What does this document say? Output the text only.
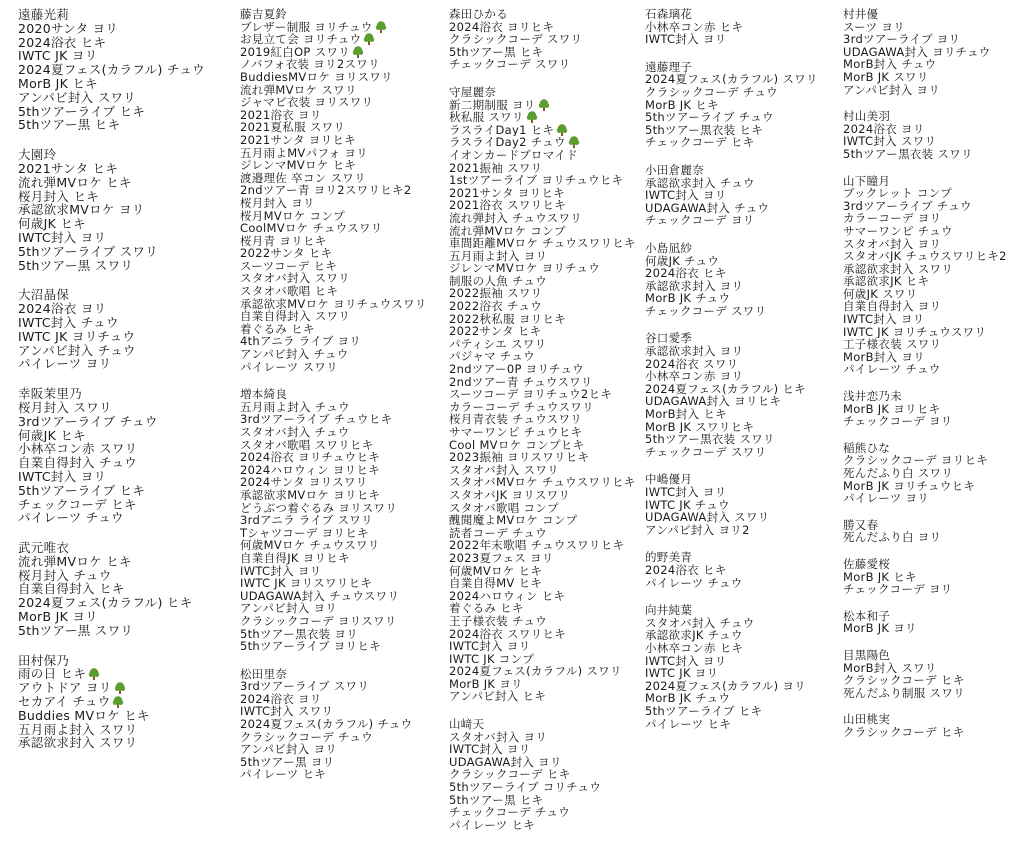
遠藤光莉
2020サンタ ヨリ
2024浴衣 ヒキ
IWTC JK ヨリ
2024夏フェス(カラフル) チュウ
MorB JK ヒキ
アンパビ封入 スワリ
5thツアーライブ ヒキ
5thツアー黒 ヒキ
大園玲
2021サンタ ヒキ
流れ弾MVロケ ヒキ
桜月封入 ヒキ
承認欲求MVロケ ヨリ
何歳JK ヒキ
IWTC封入 ヨリ
5thツアーライブ スワリ
5thツアー黒 スワリ
大沼晶保
2024浴衣 ヨリ
IWTC封入 チュウ
IWTC JK ヨリチュウ
アンパビ封入 チュウ
パイレーツ ヨリ
幸阪茉里乃
桜月封入 スワリ
3rdツアーライブ チュウ
何歳JK ヒキ
小林卒コン赤 スワリ
自業自得封入 チュウ
IWTC封入 ヨリ
5thツアーライブ ヒキ
チェックコーデ ヒキ
パイレーツ チュウ
武元唯衣
流れ弾MVロケ ヒキ
桜月封入 チュウ
自業自得封入 ヒキ
2024夏フェス(カラフル) ヒキ
MorB JK ヨリ
5thツアー黒 スワリ
田村保乃
雨の日 ヒキ
アウトドア ヨリ
セカアイ チュウ
Buddies MVロケ ヒキ
五月雨よ封入 スワリ
承認欲求封入 スワリ
藤吉夏鈴
ブレザー制服 ヨリチュウ
お見立て会 ヨリチュウ
2019紅白OP スワリ
ノバフォ衣装 ヨリ2スワリ
BuddiesMVロケ ヨリスワリ
流れ弾MVロケ スワリ
ジャマビ衣装 ヨリスワリ
2021浴衣 ヨリ
2021夏私服 スワリ
2021サンタ ヨリヒキ
五月雨よMVパフォ ヨリ
ジレンマMVロケ ヒキ
渡邉理佐 卒コン スワリ
2ndツアー青 ヨリ2スワリヒキ2
桜月封入 ヨリ
桜月MVロケ コンプ
CoolMVロケ チュウスワリ
桜月青 ヨリヒキ
2022サンタ ヒキ
スーツコーデ ヒキ
スタオバ封入 スワリ
スタオバ歌唱 ヒキ
承認欲求MVロケ ヨリチュウスワリ
自業自得封入 スワリ
着ぐるみ ヒキ
4thアニラ ライブ ヨリ
アンパビ封入 チュウ
パイレーツ スワリ
増本綺良
五月雨よ封入 チュウ
3rdツアーライブ チュウヒキ
スタオバ封入 チュウ
スタオバ歌唱 スワリヒキ
2024浴衣 ヨリチュウヒキ
2024ハロウィン ヨリヒキ
2024サンタ ヨリスワリ
承認欲求MVロケ ヨリヒキ
どうぶつ着ぐるみ ヨリスワリ
3rdアニラ ライブ スワリ
Tシャツコーデ ヨリヒキ
何歳MVロケ チュウスワリ
自業自得JK ヨリヒキ
IWTC封入 ヨリ
IWTC JK ヨリスワリヒキ
UDAGAWA封入 チュウスワリ
アンパビ封入 ヨリ
クラシックコーデ ヨリスワリ
5thツアー黒衣装 ヨリ
5thツアーライブ ヨリヒキ
松田里奈
3rdツアーライブ スワリ
2024浴衣 ヨリ
IWTC封入 スワリ
2024夏フェス(カラフル) チュウ
クラシックコーデ チュウ
アンパビ封入 ヨリ
5thツアー黒 ヨリ
パイレーツ ヒキ
森田ひかる
2024浴衣 ヨリヒキ
クラシックコーデ スワリ
5thツアー黒 ヒキ
チェックコーデ スワリ
守屋麗奈
新二期制服 ヨリ
秋私服 スワリ
ラスライDay1 ヒキ
ラスライDay2 チュウ
イオンカードブロマイド
2021振袖 スワリ
1stツアーライブ ヨリチュウヒキ
2021サンタ ヨリヒキ
2021浴衣 スワリヒキ
流れ弾封入 チュウスワリ
流れ弾MVロケ コンプ
車間距離MVロケ チュウスワリヒキ
五月雨よ封入 ヨリ
ジレンマMVロケ ヨリチュウ
制服の人魚 チュウ
2022振袖 スワリ
2022浴衣 チュウ
2022秋私服 ヨリヒキ
2022サンタ ヒキ
パティシエ スワリ
パジャマ チュウ
2ndツアー0P ヨリチュウ
2ndツアー青 チュウスワリ
スーツコーデ ヨリチュウ2ヒキ
カラーコーデ チュウスワリ
桜月青衣装 チュウスワリ
サマーワンピ チュウヒキ
Cool MVロケ コンプヒキ
2023振袖 ヨリスワリヒキ
スタオバ封入 スワリ
スタオバMVロケ チュウスワリヒキ
スタオバJK ヨリスワリ
スタオバ歌唱 コンプ
醜聞魔よMVロケ コンプ
読者コーデ チュウ
2022年末歌唱 チュウスワリヒキ
2023夏フェス ヨリ
何歳MVロケ ヒキ
自業自得MV ヒキ
2024ハロウィン ヒキ
着ぐるみ ヒキ
王子様衣装 チュウ
2024浴衣 スワリヒキ
IWTC封入 ヨリ
IWTC JK コンプ
2024夏フェス(カラフル) スワリ
MorB JK ヨリ
アンパビ封入 ヒキ
山﨑天
スタオバ封入 ヨリ
IWTC封入 ヨリ
UDAGAWA封入 ヨリ
クラシックコーデ ヒキ
5thツアーライブ コリチュウ
5thツアー黒 ヒキ
チェックコーデ チュウ
パイレーツ ヒキ
石森璃花
小林卒コン赤 ヒキ
IWTC封入 ヨリ
遠藤理子
2024夏フェス(カラフル) スワリ
クラシックコーデ チュウ
MorB JK ヒキ
5thツアーライブ チュウ
5thツアー黒衣装 ヒキ
チェックコーデ ヒキ
小田倉麗奈
承認欲求封入 チュウ
IWTC封入 ヨリ
UDAGAWA封入 チュウ
チェックコーデ ヨリ
小島凪紗
何歳JK チュウ
2024浴衣 ヒキ
承認欲求封入 ヨリ
MorB JK チュウ
チェックコーデ スワリ
谷口愛季
承認欲求封入 ヨリ
2024浴衣 スワリ
小林卒コン赤 ヨリ
2024夏フェス(カラフル) ヒキ
UDAGAWA封入 ヨリヒキ
MorB封入 ヒキ
MorB JK スワリヒキ
5thツアー黒衣装 スワリ
チェックコーデ スワリ
中嶋優月
IWTC封入 ヨリ
IWTC JK チュウ
UDAGAWA封入 スワリ
アンパビ封入 ヨリ2
的野美青
2024浴衣 ヒキ
パイレーツ チュウ
向井純葉
スタオバ封入 チュウ
承認欲求JK チュウ
小林卒コン赤 ヒキ
IWTC封入 ヨリ
IWTC JK ヨリ
2024夏フェス(カラフル) ヨリ
MorB JK チュウ
5thツアーライブ ヒキ
パイレーツ ヒキ
村井優
スーツ ヨリ
3rdツアーライブ ヨリ
UDAGAWA封入 ヨリチュウ
MorB封入 チュウ
MorB JK スワリ
アンパビ封入 ヨリ
村山美羽
2024浴衣 ヨリ
IWTC封入 スワリ
5thツアー黒衣装 スワリ
山下瞳月
ブックレット コンプ
3rdツアーライブ チュウ
カラーコーデ ヨリ
サマーワンピ チュウ
スタオバ封入 ヨリ
スタオバJK チュウスワリヒキ2
承認欲求封入 スワリ
承認欲求JK ヒキ
何歳JK スワリ
自業自得封入 ヨリ
IWTC封入 ヨリ
IWTC JK ヨリチュウスワリ
工子様衣装 スワリ
MorB封入 ヨリ
パイレーツ チュウ
浅井恋乃未
MorB JK ヨリヒキ
チェックコーデ ヨリ
稲熊ひな
クラシックコーデ ヨリヒキ
死んだふり白 スワリ
MorB JK ヨリチュウヒキ
パイレーツ ヨリ
勝又春
死んだふり白 ヨリ
佐藤愛桜
MorB JK ヒキ
チェックコーデ ヨリ
松本和子
MorB JK ヨリ
目黒陽色
MorB封入 スワリ
クラシックコーデ ヒキ
死んだふり制服 スワリ
山田桃実
クラシックコーデ ヒキ
